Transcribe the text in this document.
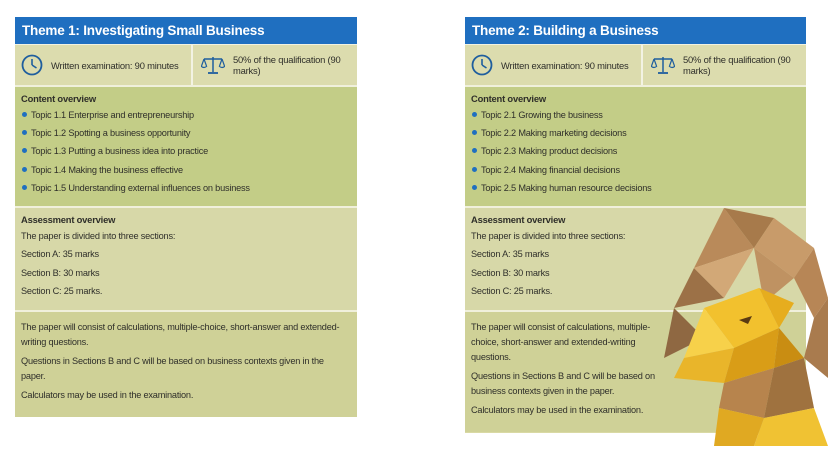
Theme 1: Investigating Small Business
Written examination: 90 minutes	50% of the qualification (90 marks)
Content overview
Topic 1.1 Enterprise and entrepreneurship
Topic 1.2 Spotting a business opportunity
Topic 1.3 Putting a business idea into practice
Topic 1.4 Making the business effective
Topic 1.5 Understanding external influences on business
Assessment overview
The paper is divided into three sections:
Section A: 35 marks
Section B: 30 marks
Section C: 25 marks.
The paper will consist of calculations, multiple-choice, short-answer and extended-writing questions.
Questions in Sections B and C will be based on business contexts given in the paper.
Calculators may be used in the examination.
Theme 2: Building a Business
Written examination: 90 minutes	50% of the qualification (90 marks)
Content overview
Topic 2.1 Growing the business
Topic 2.2 Making marketing decisions
Topic 2.3 Making product decisions
Topic 2.4 Making financial decisions
Topic 2.5 Making human resource decisions
Assessment overview
The paper is divided into three sections:
Section A: 35 marks
Section B: 30 marks
Section C: 25 marks.
The paper will consist of calculations, multiple-choice, short-answer and extended-writing questions.
Questions in Sections B and C will be based on business contexts given in the paper.
Calculators may be used in the examination.
